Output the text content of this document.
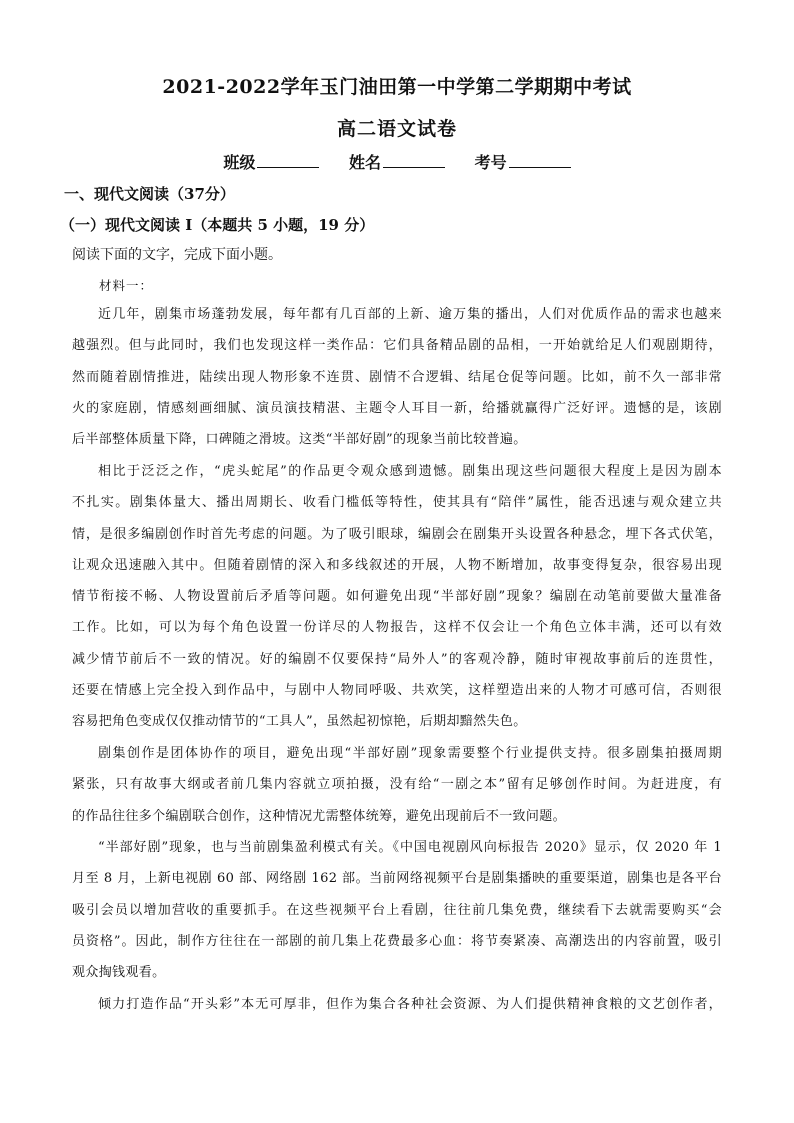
2021-2022学年玉门油田第一中学第二学期期中考试
高二语文试卷
班级	姓名	考号
一、现代文阅读（37分）
（一）现代文阅读 I（本题共 5 小题，19 分）
阅读下面的文字，完成下面小题。
材料一：
近几年，剧集市场蓬勃发展，每年都有几百部的上新、逾万集的播出，人们对优质作品的需求也越来
越强烈。但与此同时，我们也发现这样一类作品：它们具备精品剧的品相，一开始就给足人们观剧期待，
然而随着剧情推进，陆续出现人物形象不连贯、剧情不合逻辑、结尾仓促等问题。比如，前不久一部非常
火的家庭剧，情感刻画细腻、演员演技精湛、主题令人耳目一新，给播就赢得广泛好评。遗憾的是，该剧
后半部整体质量下降，口碑随之滑坡。这类“半部好剧”的现象当前比较普遍。
相比于泛泛之作，“虎头蛇尾”的作品更令观众感到遗憾。剧集出现这些问题很大程度上是因为剧本
不扎实。剧集体量大、播出周期长、收看门槛低等特性，使其具有“陪伴”属性，能否迅速与观众建立共
情，是很多编剧创作时首先考虑的问题。为了吸引眼球，编剧会在剧集开头设置各种悬念，埋下各式伏笔，
让观众迅速融入其中。但随着剧情的深入和多线叙述的开展，人物不断增加，故事变得复杂，很容易出现
情节衔接不畅、人物设置前后矛盾等问题。如何避免出现“半部好剧”现象？编剧在动笔前要做大量准备
工作。比如，可以为每个角色设置一份详尽的人物报告，这样不仅会让一个角色立体丰满，还可以有效
减少情节前后不一致的情况。好的编剧不仅要保持“局外人”的客观冷静，随时审视故事前后的连贯性，
还要在情感上完全投入到作品中，与剧中人物同呼吸、共欢笑，这样塑造出来的人物才可感可信，否则很
容易把角色变成仅仅推动情节的“工具人”，虽然起初惊艳，后期却黯然失色。
剧集创作是团体协作的项目，避免出现“半部好剧”现象需要整个行业提供支持。很多剧集拍摄周期
紧张，只有故事大纲或者前几集内容就立项拍摄，没有给“一剧之本”留有足够创作时间。为赶进度，有
的作品往往多个编剧联合创作，这种情况尤需整体统筹，避免出现前后不一致问题。
“半部好剧”现象，也与当前剧集盈利模式有关。《中国电视剧风向标报告 2020》显示，仅 2020 年 1
月至 8 月，上新电视剧 60 部、网络剧 162 部。当前网络视频平台是剧集播映的重要渠道，剧集也是各平台
吸引会员以增加营收的重要抓手。在这些视频平台上看剧，往往前几集免费，继续看下去就需要购买“会
员资格”。因此，制作方往往在一部剧的前几集上花费最多心血：将节奏紧凑、高潮迭出的内容前置，吸引
观众掏钱观看。
倾力打造作品“开头彩”本无可厚非，但作为集合各种社会资源、为人们提供精神食粮的文艺创作者，
